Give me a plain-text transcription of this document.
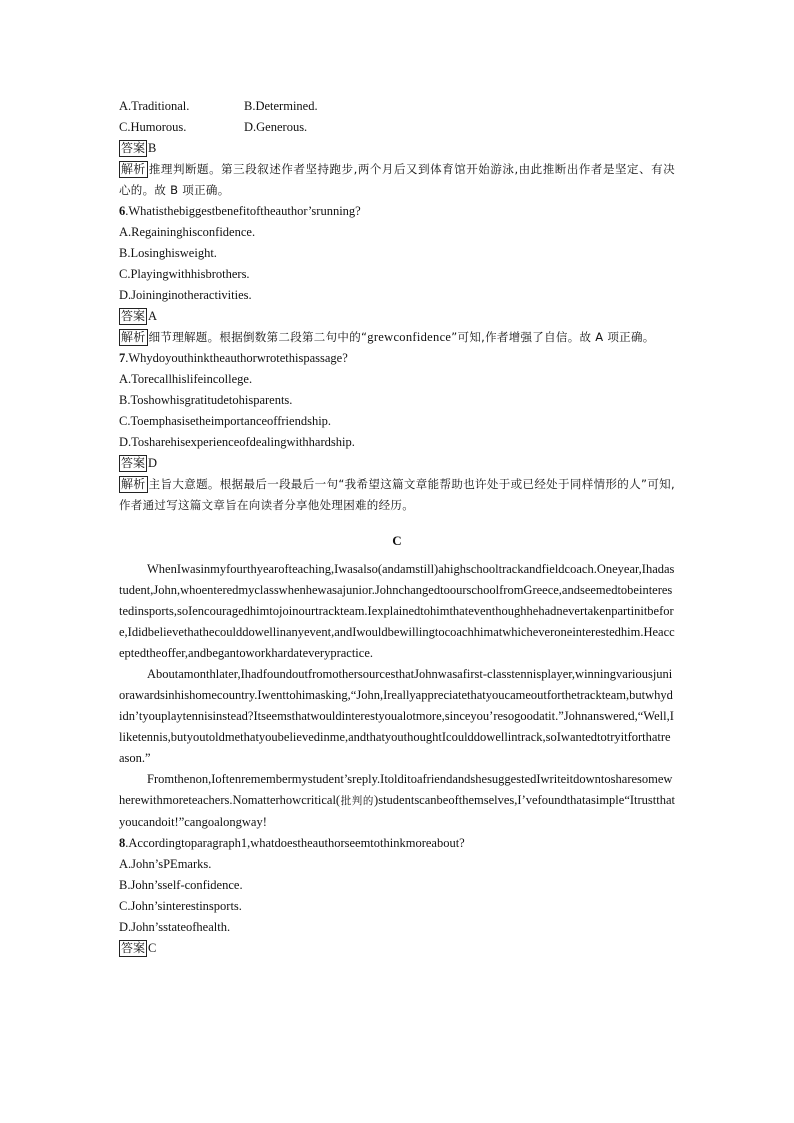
A.Traditional.	B.Determined.
C.Humorous.	D.Generous.
答案 B
解析 推理判断题。第三段叙述作者坚持跑步,两个月后又到体育馆开始游泳,由此推断出作者是坚定、有决心的。故 B 项正确。
6.Whatisthebiggestbenefitoftheauthor’srunning?
A.Regaininghisconfidence.
B.Losinghisweight.
C.Playingwithhisbrothers.
D.Joininginotheractivities.
答案 A
解析 细节理解题。根据倒数第二段第二句中的“grewconfidence”可知,作者增强了自信。故 A 项正确。
7.Whydoyouthinktheauthorwrotethispassage?
A.Torecallhislifeincollege.
B.Toshowhisgratitudetohisparents.
C.Toemphasisetheimportanceoffriendship.
D.Tosharehisexperienceofdealingwithhardship.
答案 D
解析 主旨大意题。根据最后一段最后一句“我希望这篇文章能帮助也许处于或已经处于同样情形的人”可知,作者通过写这篇文章旨在向读者分享他处理困难的经历。
C
WhenIwasinmyfourthyearofteaching,Iwasalso(andamstill)ahighschooltrackandfieldcoach.Oneyear,Ihadastudent,John,whoenteredmyclasswhenhewasajunior.JohnchangedtoourschoolfromGreece,andseemedtobeinterestedinsports,soIencouragedhimtojoinourtrackteam.Iexplainedtohimthateventhoughhehadnevertakenpartinitbefore,Ididbelievethathecoulddowellinanyevent,andIwouldbewillingtocoachhimatwhicheveroneinterestedhim.Heacceptedtheoffer,andbegantoworkhardateverypractice.
Aboutamonthlater,IhadfoundoutfromothersourcesthatJohnwasafirst-classtennisplayer,winningvariousjuniorawardsinhishomecountry.Iwenttohimasking,“John,Ireallyappreciatethatyoucameoutforthetrackteam,butwhydidn’tyouplaytennisinstead?Itseemsthatwouldinterestyoualotmore,sinceyou’resogoodatit.”Johnanswered,“Well,Iliketennis,butyoutoldmethatyoubelievedinme,andthatyouthoughtIcoulddowellintrack,soIwantedtotryitforthatreason.”
Fromthenon,Ioftenremembermystudent’sreply.ItolditoafriendandshesuggestedIwriteitdowntosharesomewherewithmoreteachers.Nomatterhowcritical(批判的)studentscanbeofthemselves,I’vefoundthatasimple“Itrustthatyoucandoit!”cangoalongway!
8.Accordingtoparagraph1,whatdoestheauthorseemtothinkmoreabout?
A.John’sPEmarks.
B.John’sself-confidence.
C.John’sinterestinsports.
D.John’sstateofhealth.
答案 C
